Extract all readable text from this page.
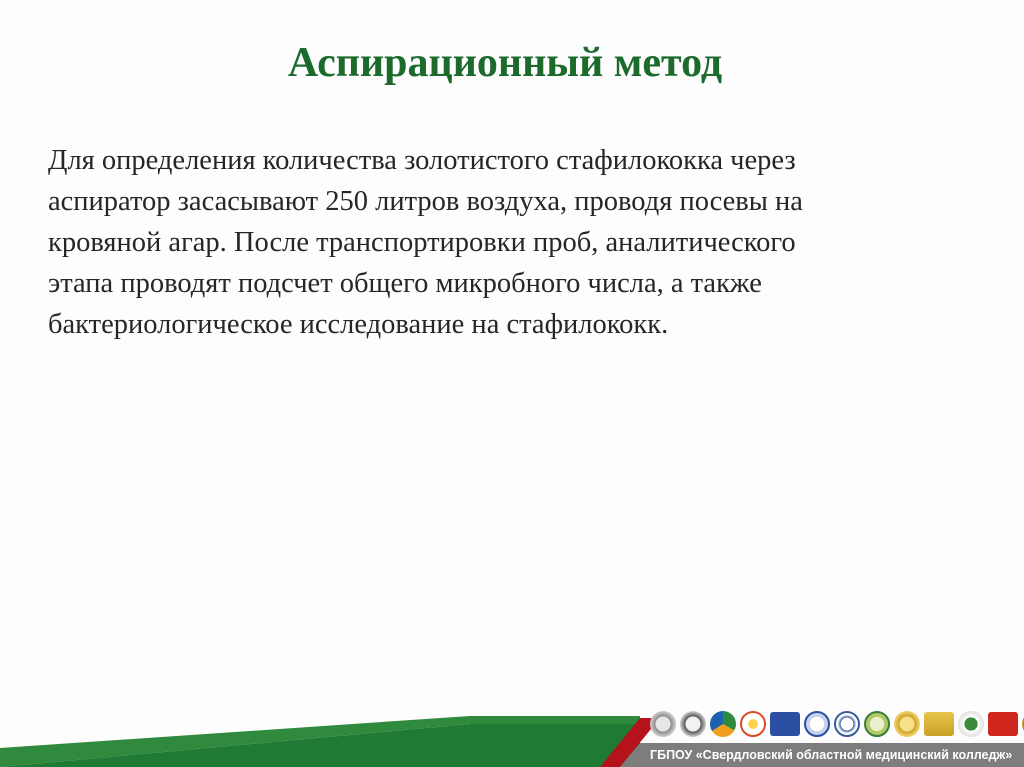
Аспирационный метод

Для определения количества золотистого стафилококка через
аспиратор засасывают 250 литров воздуха, проводя посевы на
кровяной агар. После транспортировки проб, аналитического
этапа проводят подсчет общего микробного числа, а также
бактериологическое исследование на стафилококк.

ГБПОУ «Свердловский областной медицинский колледж»
